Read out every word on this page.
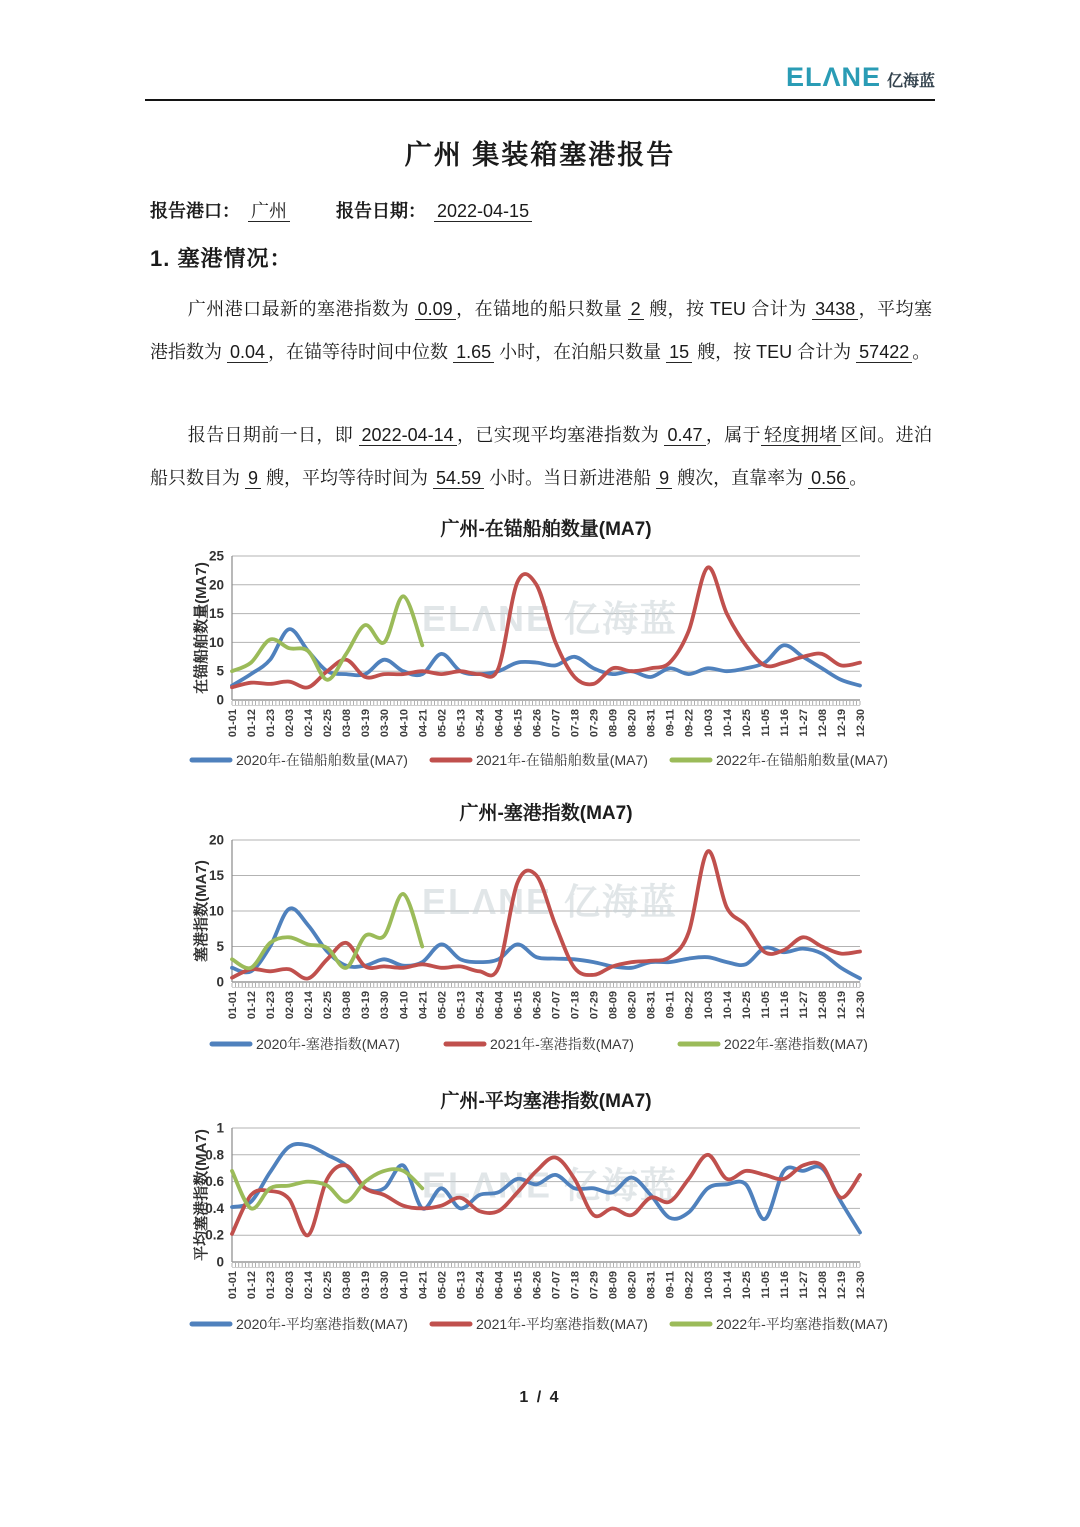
ELΛNE 亿海蓝
广州 集装箱塞港报告
报告港口： 广州	报告日期： 2022-04-15
1. 塞港情况：

广州港口最新的塞港指数为 0.09 ，在锚地的船只数量 2 艘，按 TEU 合计为 3438 ，平均塞港指数为 0.04 ，在锚等待时间中位数 1.65 小时，在泊船只数量 15 艘，按 TEU 合计为 57422 。

报告日期前一日，即 2022-04-14 ，已实现平均塞港指数为 0.47 ，属于 轻度拥堵 区间。进泊船只数目为 9 艘，平均等待时间为 54.59 小时。当日新进港船 9 艘次，直靠率为 0.56 。

广州-在锚船舶数量(MA7)
0
5
10
15
20
25
在锚船舶数量(MA7)	ELΛNE 亿海蓝
01-01 01-12 01-23 02-03 02-14 02-25 03-08 03-19 03-30 04-10 04-21 05-02 05-13 05-24 06-04 06-15 06-26 07-07 07-18 07-29 08-09 08-20 08-31 09-11 09-22 10-03 10-14 10-25 11-05 11-16 11-27 12-08 12-19 12-30
2020年-在锚船舶数量(MA7)	2021年-在锚船舶数量(MA7)	2022年-在锚船舶数量(MA7)
广州-塞港指数(MA7)
0
5
10
15
20
塞港指数(MA7)	ELΛNE 亿海蓝
01-01 01-12 01-23 02-03 02-14 02-25 03-08 03-19 03-30 04-10 04-21 05-02 05-13 05-24 06-04 06-15 06-26 07-07 07-18 07-29 08-09 08-20 08-31 09-11 09-22 10-03 10-14 10-25 11-05 11-16 11-27 12-08 12-19 12-30
2020年-塞港指数(MA7)	2021年-塞港指数(MA7)	2022年-塞港指数(MA7)
广州-平均塞港指数(MA7)
0
0.2
0.4
0.6
0.8
1
平均塞港指数(MA7)	ELΛNE 亿海蓝
01-01 01-12 01-23 02-03 02-14 02-25 03-08 03-19 03-30 04-10 04-21 05-02 05-13 05-24 06-04 06-15 06-26 07-07 07-18 07-29 08-09 08-20 08-31 09-11 09-22 10-03 10-14 10-25 11-05 11-16 11-27 12-08 12-19 12-30
2020年-平均塞港指数(MA7)	2021年-平均塞港指数(MA7)	2022年-平均塞港指数(MA7)
1 / 4
